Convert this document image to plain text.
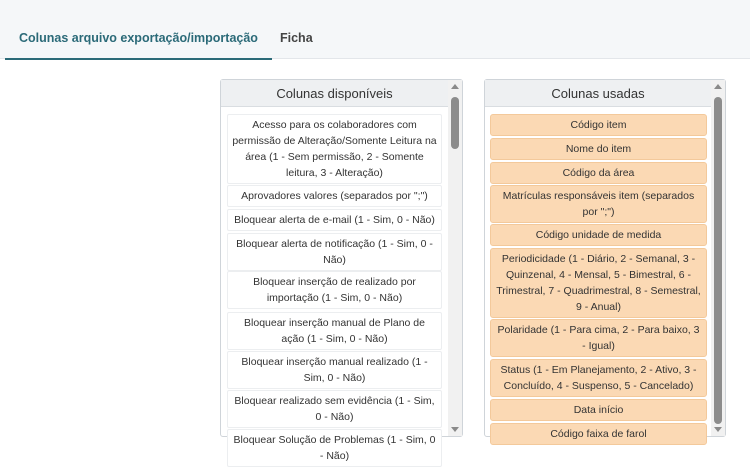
Colunas arquivo exportação/importação Ficha
Colunas disponíveis
Acesso para os colaboradores com permissão de Alteração/Somente Leitura na área (1 - Sem permissão, 2 - Somente leitura, 3 - Alteração)
Aprovadores valores (separados por ";")
Bloquear alerta de e-mail (1 - Sim, 0 - Não)
Bloquear alerta de notificação (1 - Sim, 0 - Não)
Bloquear inserção de realizado por importação (1 - Sim, 0 - Não)
Bloquear inserção manual de Plano de ação (1 - Sim, 0 - Não)
Bloquear inserção manual realizado (1 - Sim, 0 - Não)
Bloquear realizado sem evidência (1 - Sim, 0 - Não)
Bloquear Solução de Problemas (1 - Sim, 0 - Não)
Colunas usadas
Código item
Nome do item
Código da área
Matrículas responsáveis item (separados por ";")
Código unidade de medida
Periodicidade (1 - Diário, 2 - Semanal, 3 - Quinzenal, 4 - Mensal, 5 - Bimestral, 6 - Trimestral, 7 - Quadrimestral, 8 - Semestral, 9 - Anual)
Polaridade (1 - Para cima, 2 - Para baixo, 3 - Igual)
Status (1 - Em Planejamento, 2 - Ativo, 3 - Concluído, 4 - Suspenso, 5 - Cancelado)
Data início
Código faixa de farol
